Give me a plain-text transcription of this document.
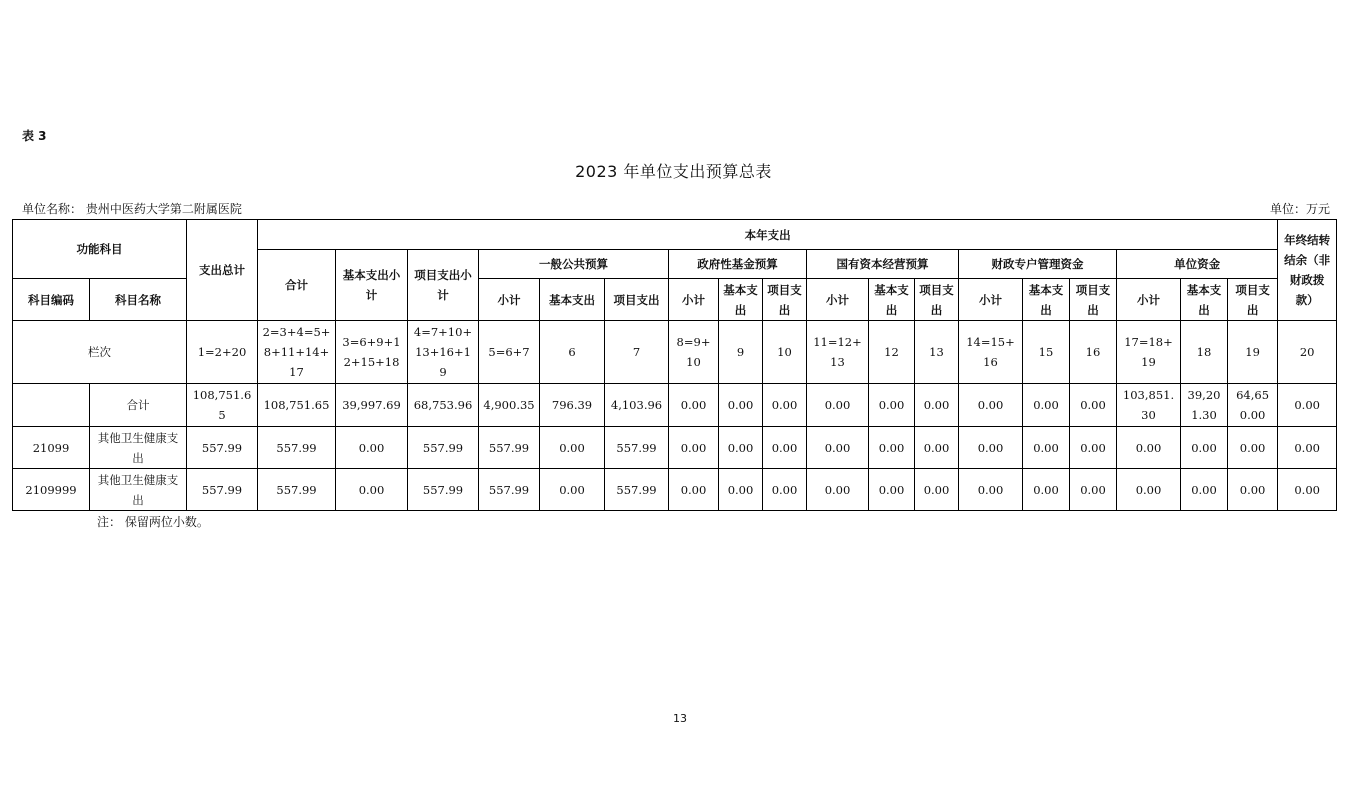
表 3
2023 年单位支出预算总表
单位名称： 贵州中医药大学第二附属医院	单位：万元
功能科目		支出总计	本年支出																		年终结转结余（非财政拨款）
			合计	基本支出小计	项目支出小计	一般公共预算			政府性基金预算			国有资本经营预算			财政专户管理资金			单位资金			
科目编码	科目名称					小计	基本支出	项目支出	小计	基本支出	项目支出	小计	基本支出	项目支出	小计	基本支出	项目支出	小计	基本支出	项目支出	
栏次		1=2+20	2=3+4=5+8+11+14+17	3=6+9+12+15+18	4=7+10+13+16+19	5=6+7	6	7	8=9+10	9	10	11=12+13	12	13	14=15+16	15	16	17=18+19	18	19	20
	合计	108,751.65	108,751.65	39,997.69	68,753.96	4,900.35	796.39	4,103.96	0.00	0.00	0.00	0.00	0.00	0.00	0.00	0.00	0.00	103,851.30	39,201.30	64,650.00	0.00
21099	其他卫生健康支出	557.99	557.99	0.00	557.99	557.99	0.00	557.99	0.00	0.00	0.00	0.00	0.00	0.00	0.00	0.00	0.00	0.00	0.00	0.00	0.00
2109999	其他卫生健康支出	557.99	557.99	0.00	557.99	557.99	0.00	557.99	0.00	0.00	0.00	0.00	0.00	0.00	0.00	0.00	0.00	0.00	0.00	0.00	0.00
注： 保留两位小数。
13
